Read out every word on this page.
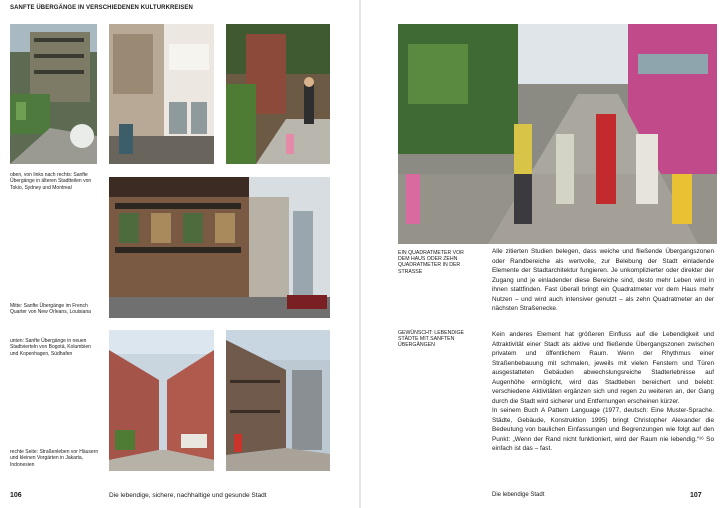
SANFTE ÜBERGÄNGE IN VERSCHIEDENEN KULTURKREISEN
oben, von links nach rechts: Sanfte Übergänge in älteren Stadtteilen von Tokio, Sydney und Montreal
Mitte: Sanfte Übergänge im French Quarter von New Orleans, Louisiana
unten: Sanfte Übergänge in neuen Stadtvierteln von Bogotá, Kolumbien und Kopenhagen, Südhafen
rechte Seite: Straßenleben vor Häusern und kleinen Vorgärten in Jakarta, Indonesien
106	Die lebendige, sichere, nachhaltige und gesunde Stadt
EIN QUADRATMETER VOR DEM HAUS ODER ZEHN QUADRATMETER IN DER STRASSE

Alle zitierten Studien belegen, dass weiche und fließende Übergangszonen oder Randbereiche als wertvolle, zur Belebung der Stadt einladende Elemente der Stadtarchitektur fungieren. Je unkomplizierter oder direkter der Zugang und je einladender diese Bereiche sind, desto mehr Leben wird in ihnen stattfinden. Fast überall bringt ein Quadratmeter vor dem Haus mehr Nutzen – und wird auch intensiver genutzt – als zehn Quadratmeter an der nächsten Straßenecke.

GEWÜNSCHT: LEBENDIGE STÄDTE MIT SANFTEN ÜBERGÄNGEN

Kein anderes Element hat größeren Einfluss auf die Lebendigkeit und Attraktivität einer Stadt als aktive und fließende Übergangszonen zwischen privatem und öffentlichem Raum. Wenn der Rhythmus einer Straßenbebauung mit schmalen, jeweils mit vielen Fenstern und Türen ausgestatteten Gebäuden abwechslungsreiche Stadterlebnisse auf Augenhöhe ermöglicht, wird das Stadtleben bereichert und belebt: verschiedene Aktivitäten ergänzen sich und regen zu weiteren an, der Gang durch die Stadt wird sicherer und Entfernungen erscheinen kürzer.

In seinem Buch A Pattern Language (1977, deutsch: Eine Muster-Sprache. Städte, Gebäude, Konstruktion 1995) bringt Christopher Alexander die Bedeutung von baulichen Einfassungen und Begrenzungen wie folgt auf den Punkt: „Wenn der Rand nicht funktioniert, wird der Raum nie lebendig.“¹⁶ So einfach ist das – fast.

Die lebendige Stadt	107
